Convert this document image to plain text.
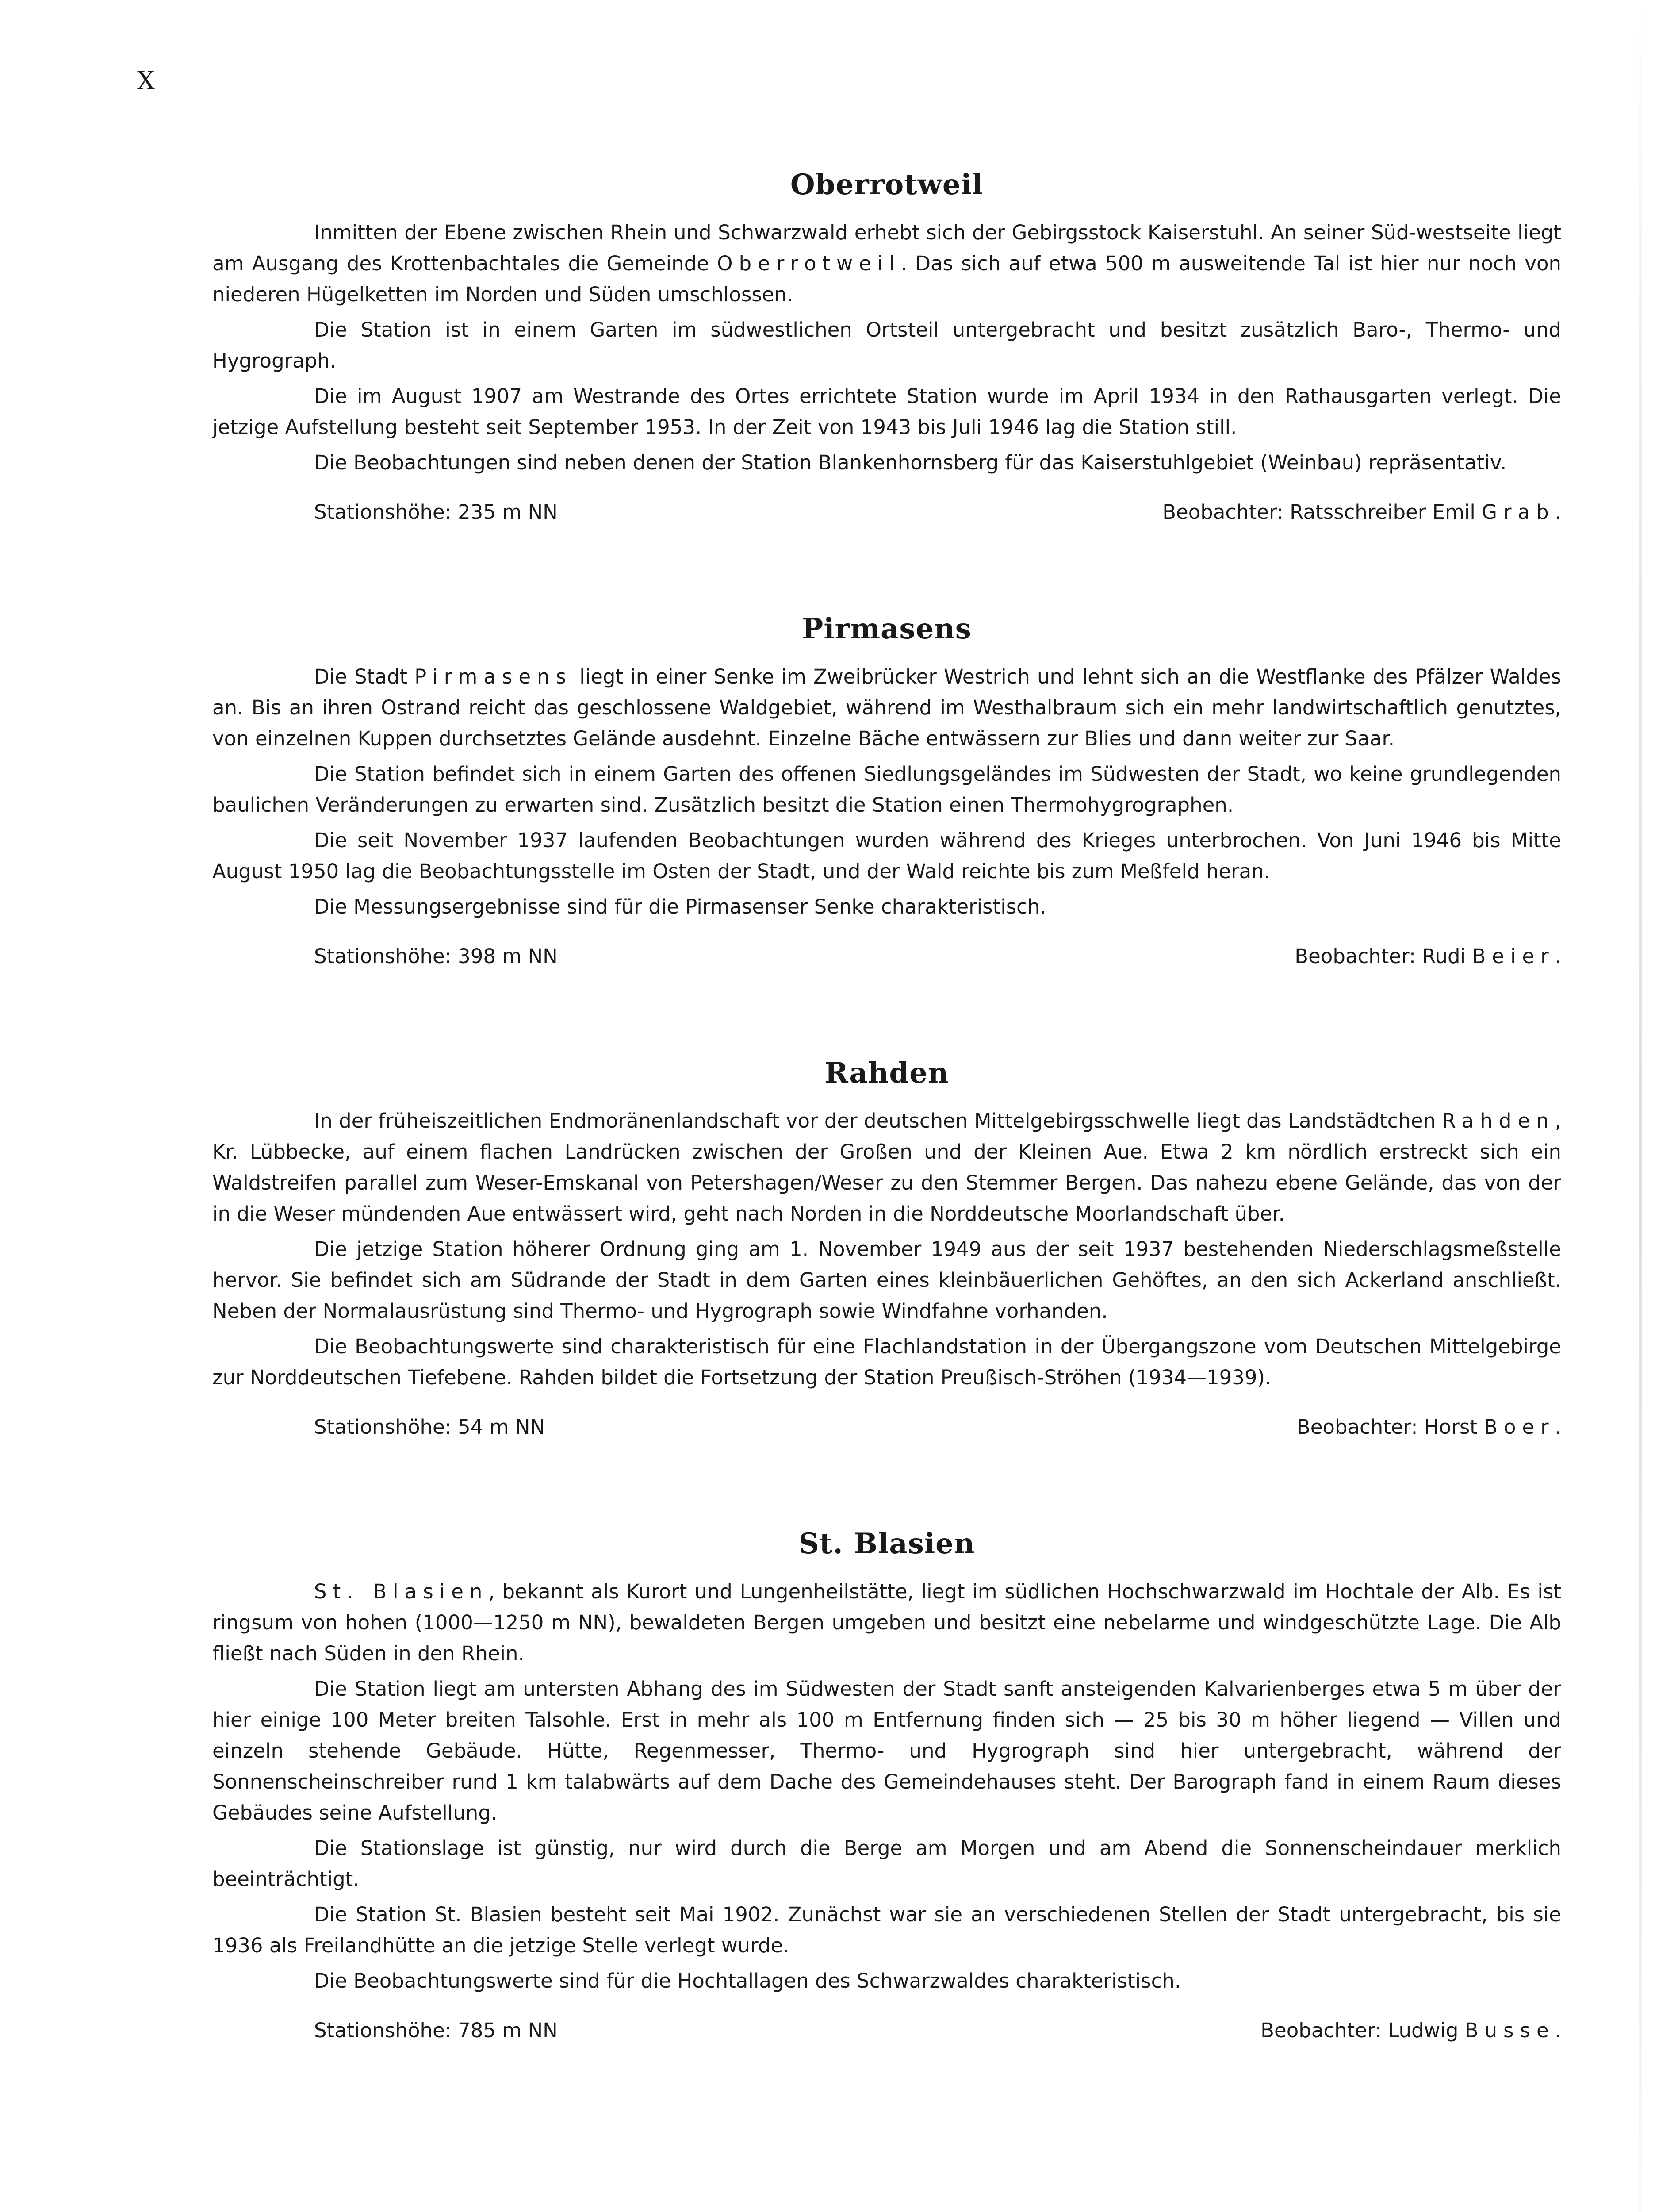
X
Oberrotweil

Inmitten der Ebene zwischen Rhein und Schwarzwald erhebt sich der Gebirgsstock Kaiserstuhl. An seiner Süd-westseite liegt am Ausgang des Krottenbachtales die Gemeinde Oberrotweil. Das sich auf etwa 500 m ausweitende Tal ist hier nur noch von niederen Hügelketten im Norden und Süden umschlossen.

Die Station ist in einem Garten im südwestlichen Ortsteil untergebracht und besitzt zusätzlich Baro-, Thermo- und Hygrograph.

Die im August 1907 am Westrande des Ortes errichtete Station wurde im April 1934 in den Rathausgarten verlegt. Die jetzige Aufstellung besteht seit September 1953. In der Zeit von 1943 bis Juli 1946 lag die Station still.

Die Beobachtungen sind neben denen der Station Blankenhornsberg für das Kaiserstuhlgebiet (Weinbau) repräsentativ.

Stationshöhe: 235 m NN	Beobachter: Ratsschreiber Emil Grab.
Pirmasens

Die Stadt Pirmasens liegt in einer Senke im Zweibrücker Westrich und lehnt sich an die Westflanke des Pfälzer Waldes an. Bis an ihren Ostrand reicht das geschlossene Waldgebiet, während im Westhalbraum sich ein mehr landwirtschaftlich genutztes, von einzelnen Kuppen durchsetztes Gelände ausdehnt. Einzelne Bäche entwässern zur Blies und dann weiter zur Saar.

Die Station befindet sich in einem Garten des offenen Siedlungsgeländes im Südwesten der Stadt, wo keine grundlegenden baulichen Veränderungen zu erwarten sind. Zusätzlich besitzt die Station einen Thermohygrographen.

Die seit November 1937 laufenden Beobachtungen wurden während des Krieges unterbrochen. Von Juni 1946 bis Mitte August 1950 lag die Beobachtungsstelle im Osten der Stadt, und der Wald reichte bis zum Meßfeld heran.

Die Messungsergebnisse sind für die Pirmasenser Senke charakteristisch.

Stationshöhe: 398 m NN	Beobachter: Rudi Beier.
Rahden

In der früheiszeitlichen Endmoränenlandschaft vor der deutschen Mittelgebirgsschwelle liegt das Landstädtchen Rahden, Kr. Lübbecke, auf einem flachen Landrücken zwischen der Großen und der Kleinen Aue. Etwa 2 km nördlich erstreckt sich ein Waldstreifen parallel zum Weser-Emskanal von Petershagen/Weser zu den Stemmer Bergen. Das nahezu ebene Gelände, das von der in die Weser mündenden Aue entwässert wird, geht nach Norden in die Norddeutsche Moorlandschaft über.

Die jetzige Station höherer Ordnung ging am 1. November 1949 aus der seit 1937 bestehenden Niederschlagsmeßstelle hervor. Sie befindet sich am Südrande der Stadt in dem Garten eines kleinbäuerlichen Gehöftes, an den sich Ackerland anschließt. Neben der Normalausrüstung sind Thermo- und Hygrograph sowie Windfahne vorhanden.

Die Beobachtungswerte sind charakteristisch für eine Flachlandstation in der Übergangszone vom Deutschen Mittelgebirge zur Norddeutschen Tiefebene. Rahden bildet die Fortsetzung der Station Preußisch-Ströhen (1934—1939).

Stationshöhe: 54 m NN	Beobachter: Horst Boer.
St. Blasien

St. Blasien, bekannt als Kurort und Lungenheilstätte, liegt im südlichen Hochschwarzwald im Hochtale der Alb. Es ist ringsum von hohen (1000—1250 m NN), bewaldeten Bergen umgeben und besitzt eine nebelarme und windgeschützte Lage. Die Alb fließt nach Süden in den Rhein.

Die Station liegt am untersten Abhang des im Südwesten der Stadt sanft ansteigenden Kalvarienberges etwa 5 m über der hier einige 100 Meter breiten Talsohle. Erst in mehr als 100 m Entfernung finden sich — 25 bis 30 m höher liegend — Villen und einzeln stehende Gebäude. Hütte, Regenmesser, Thermo- und Hygrograph sind hier untergebracht, während der Sonnenscheinschreiber rund 1 km talabwärts auf dem Dache des Gemeindehauses steht. Der Barograph fand in einem Raum dieses Gebäudes seine Aufstellung.

Die Stationslage ist günstig, nur wird durch die Berge am Morgen und am Abend die Sonnenscheindauer merklich beeinträchtigt.

Die Station St. Blasien besteht seit Mai 1902. Zunächst war sie an verschiedenen Stellen der Stadt untergebracht, bis sie 1936 als Freilandhütte an die jetzige Stelle verlegt wurde.

Die Beobachtungswerte sind für die Hochtallagen des Schwarzwaldes charakteristisch.

Stationshöhe: 785 m NN	Beobachter: Ludwig Busse.
